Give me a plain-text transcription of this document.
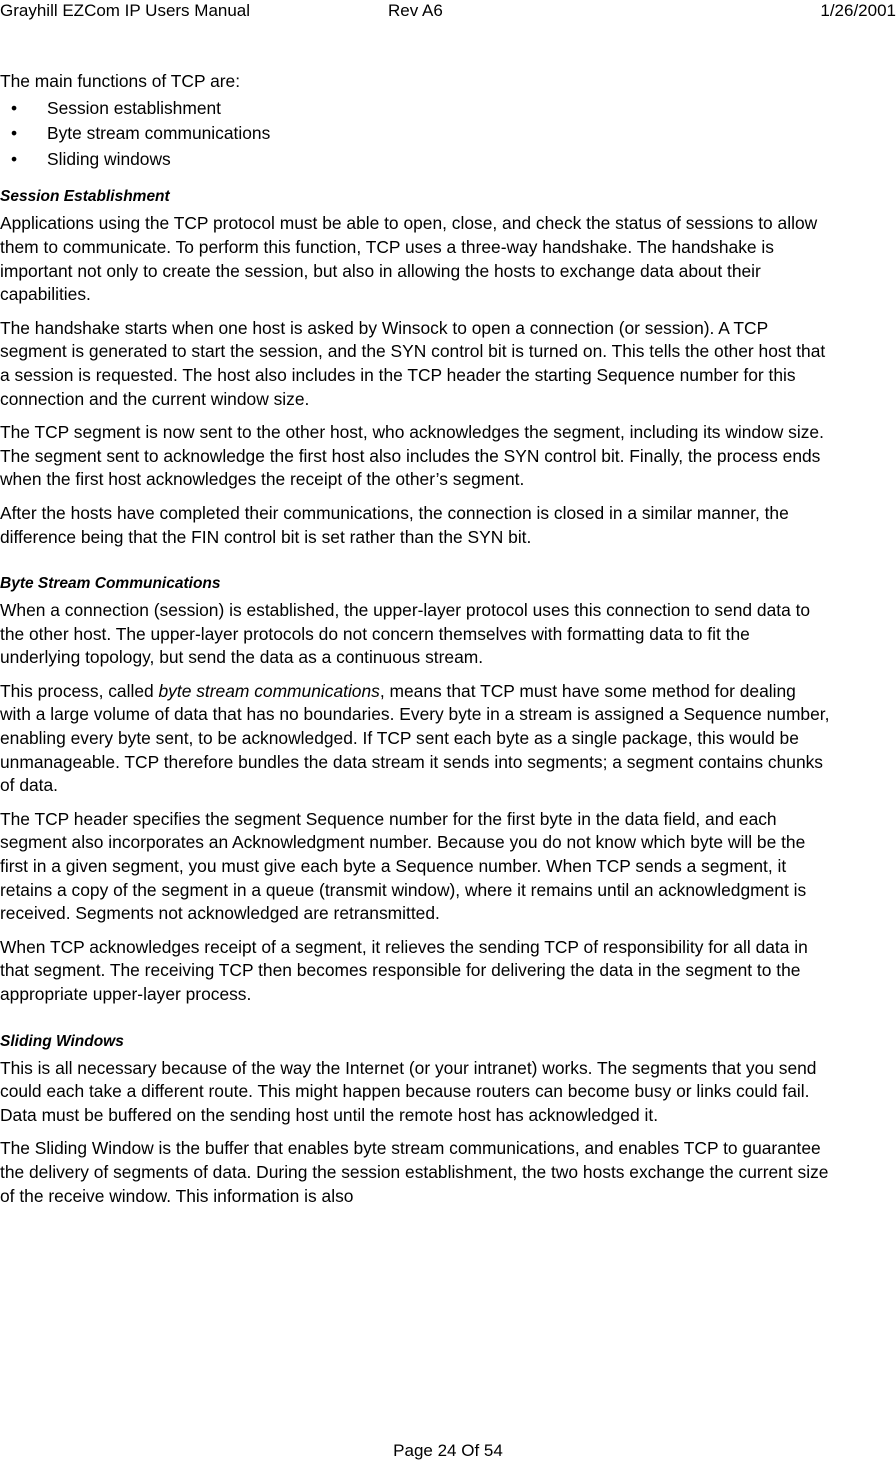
Grayhill EZCom IP Users Manual	Rev A6	1/26/2001

The main functions of TCP are:

• Session establishment
• Byte stream communications
• Sliding windows
Session Establishment

Applications using the TCP protocol must be able to open, close, and check the status of sessions to allow them to communicate. To perform this function, TCP uses a three-way handshake. The handshake is important not only to create the session, but also in allowing the hosts to exchange data about their capabilities.

The handshake starts when one host is asked by Winsock to open a connection (or session). A TCP segment is generated to start the session, and the SYN control bit is turned on. This tells the other host that a session is requested. The host also includes in the TCP header the starting Sequence number for this connection and the current window size.

The TCP segment is now sent to the other host, who acknowledges the segment, including its window size. The segment sent to acknowledge the first host also includes the SYN control bit. Finally, the process ends when the first host acknowledges the receipt of the other’s segment.

After the hosts have completed their communications, the connection is closed in a similar manner, the difference being that the FIN control bit is set rather than the SYN bit.

Byte Stream Communications

When a connection (session) is established, the upper-layer protocol uses this connection to send data to the other host. The upper-layer protocols do not concern themselves with formatting data to fit the underlying topology, but send the data as a continuous stream.

This process, called byte stream communications, means that TCP must have some method for dealing with a large volume of data that has no boundaries. Every byte in a stream is assigned a Sequence number, enabling every byte sent, to be acknowledged. If TCP sent each byte as a single package, this would be unmanageable. TCP therefore bundles the data stream it sends into segments; a segment contains chunks of data.

The TCP header specifies the segment Sequence number for the first byte in the data field, and each segment also incorporates an Acknowledgment number. Because you do not know which byte will be the first in a given segment, you must give each byte a Sequence number. When TCP sends a segment, it retains a copy of the segment in a queue (transmit window), where it remains until an acknowledgment is received. Segments not acknowledged are retransmitted.

When TCP acknowledges receipt of a segment, it relieves the sending TCP of responsibility for all data in that segment. The receiving TCP then becomes responsible for delivering the data in the segment to the appropriate upper-layer process.

Sliding Windows

This is all necessary because of the way the Internet (or your intranet) works. The segments that you send could each take a different route. This might happen because routers can become busy or links could fail. Data must be buffered on the sending host until the remote host has acknowledged it.

The Sliding Window is the buffer that enables byte stream communications, and enables TCP to guarantee the delivery of segments of data. During the session establishment, the two hosts exchange the current size of the receive window. This information is also

Page 24 Of 54
